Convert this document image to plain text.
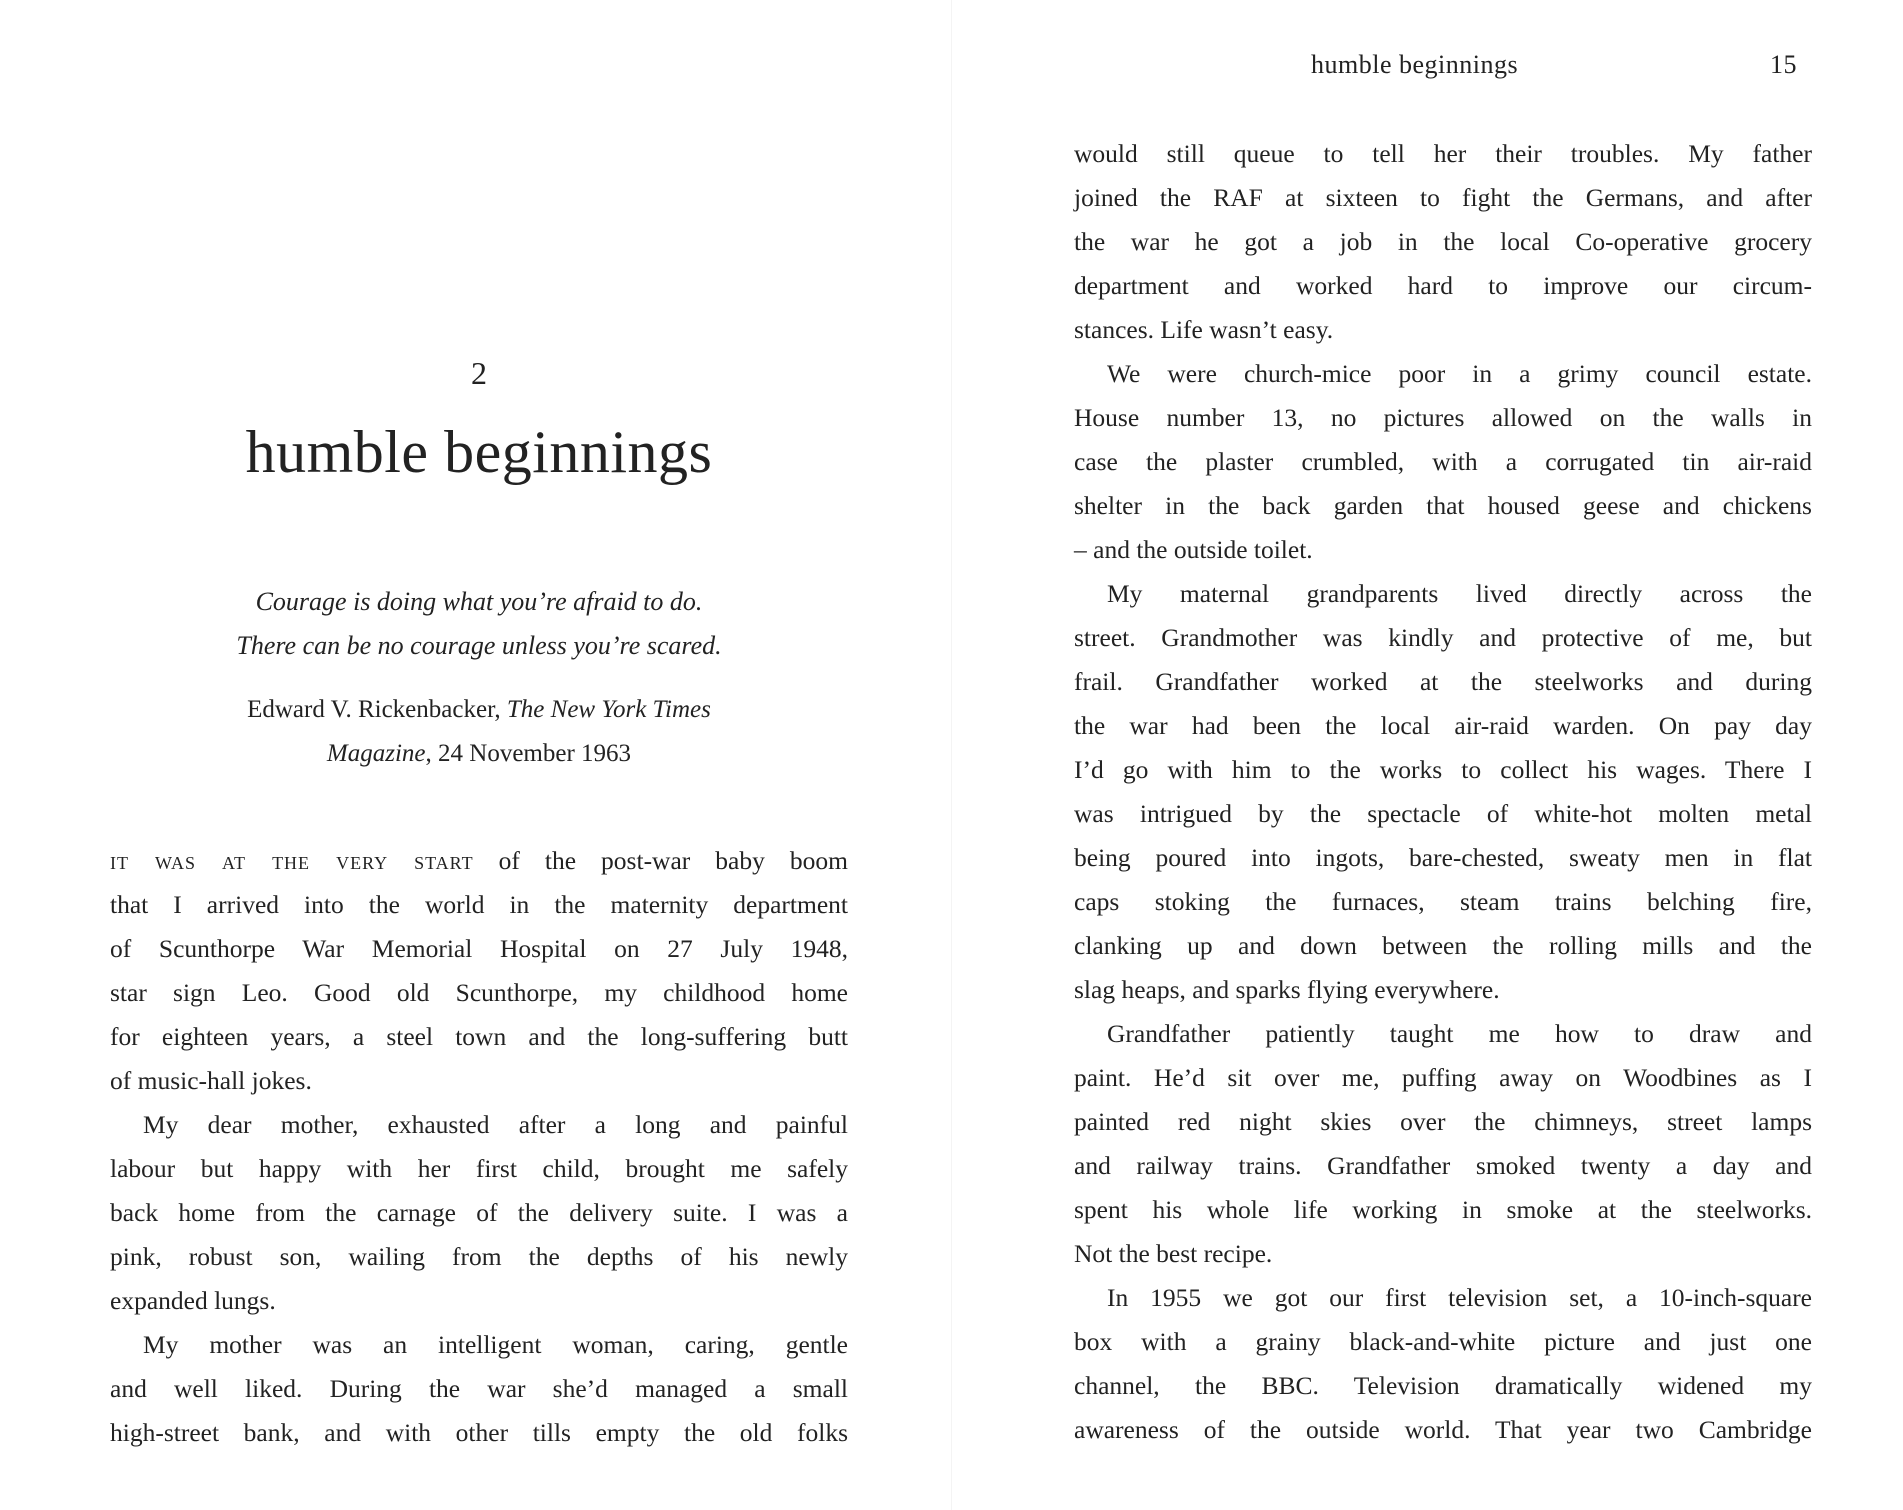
2
humble beginnings
Courage is doing what you’re afraid to do.
There can be no courage unless you’re scared.
Edward V. Rickenbacker, The New York Times
Magazine, 24 November 1963
it was at the very start of the post-war baby boom
that I arrived into the world in the maternity department
of Scunthorpe War Memorial Hospital on 27 July 1948,
star sign Leo. Good old Scunthorpe, my childhood home
for eighteen years, a steel town and the long-suffering butt
of music-hall jokes.
My dear mother, exhausted after a long and painful
labour but happy with her first child, brought me safely
back home from the carnage of the delivery suite. I was a
pink, robust son, wailing from the depths of his newly
expanded lungs.
My mother was an intelligent woman, caring, gentle
and well liked. During the war she’d managed a small
high-street bank, and with other tills empty the old folks
humble beginnings	15
would still queue to tell her their troubles. My father
joined the RAF at sixteen to fight the Germans, and after
the war he got a job in the local Co-operative grocery
department and worked hard to improve our circum-
stances. Life wasn’t easy.
We were church-mice poor in a grimy council estate.
House number 13, no pictures allowed on the walls in
case the plaster crumbled, with a corrugated tin air-raid
shelter in the back garden that housed geese and chickens
– and the outside toilet.
My maternal grandparents lived directly across the
street. Grandmother was kindly and protective of me, but
frail. Grandfather worked at the steelworks and during
the war had been the local air-raid warden. On pay day
I’d go with him to the works to collect his wages. There I
was intrigued by the spectacle of white-hot molten metal
being poured into ingots, bare-chested, sweaty men in flat
caps stoking the furnaces, steam trains belching fire,
clanking up and down between the rolling mills and the
slag heaps, and sparks flying everywhere.
Grandfather patiently taught me how to draw and
paint. He’d sit over me, puffing away on Woodbines as I
painted red night skies over the chimneys, street lamps
and railway trains. Grandfather smoked twenty a day and
spent his whole life working in smoke at the steelworks.
Not the best recipe.
In 1955 we got our first television set, a 10-inch-square
box with a grainy black-and-white picture and just one
channel, the BBC. Television dramatically widened my
awareness of the outside world. That year two Cambridge
